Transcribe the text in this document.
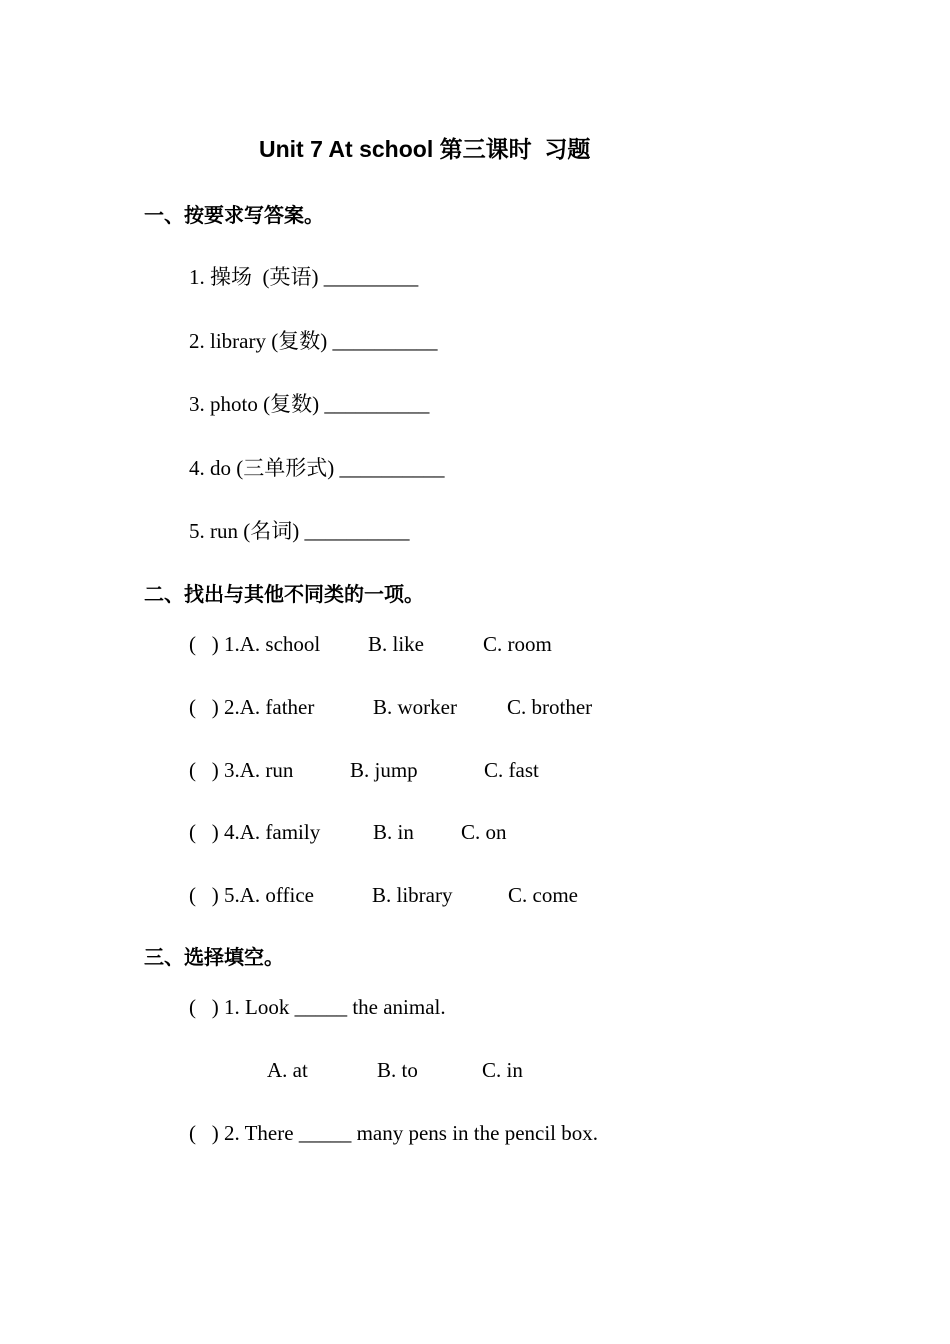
Unit 7 At school 第三课时  习题
一、按要求写答案。
1. 操场  (英语) _________
2. library (复数) __________
3. photo (复数) __________
4. do (三单形式) __________
5. run (名词) __________
二、找出与其他不同类的一项。
(   ) 1.A. school B. like	C. room
(   ) 2.A. father	B. worker C. brother
(   ) 3.A. run	B. jump	C. fast
(   ) 4.A. family	B. in C. on
(   ) 5.A. office	B. library	C. come
三、选择填空。
(   ) 1. Look _____ the animal.
A. at	B. to	C. in
(   ) 2. There _____ many pens in the pencil box.
